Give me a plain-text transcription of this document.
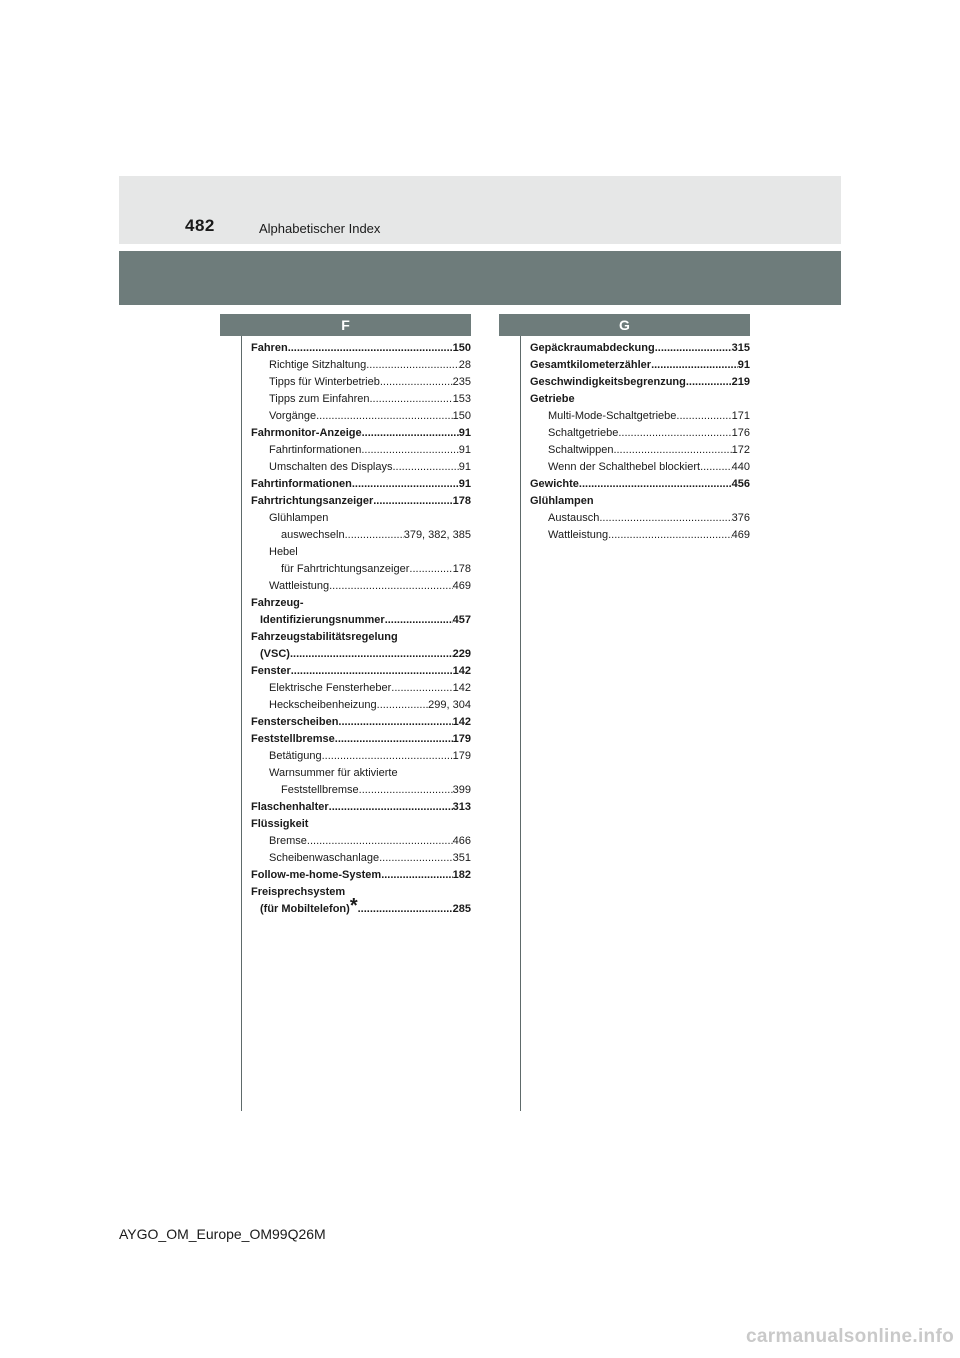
482	Alphabetischer Index
F	G
Fahren .....	150
Richtige Sitzhaltung .....	28
Tipps für Winterbetrieb .....	235
Tipps zum Einfahren .....	153
Vorgänge .....	150
Fahrmonitor-Anzeige .....	91
Fahrtinformationen .....	91
Umschalten des Displays .....	91
Fahrtinformationen .....	91
Fahrtrichtungsanzeiger .....	178
Glühlampen
auswechseln .....	379, 382, 385
Hebel
für Fahrtrichtungsanzeiger .....	178
Wattleistung .....	469
Fahrzeug-
Identifizierungsnummer .....	457
Fahrzeugstabilitätsregelung
(VSC) .....	229
Fenster .....	142
Elektrische Fensterheber .....	142
Heckscheibenheizung .....	299, 304
Fensterscheiben .....	142
Feststellbremse .....	179
Betätigung .....	179
Warnsummer für aktivierte
Feststellbremse .....	399
Flaschenhalter .....	313
Flüssigkeit
Bremse .....	466
Scheibenwaschanlage .....	351
Follow-me-home-System .....	182
Freisprechsystem
(für Mobiltelefon) * .....	285
Gepäckraumabdeckung .....	315
Gesamtkilometerzähler .....	91
Geschwindigkeitsbegrenzung .....	219
Getriebe
Multi-Mode-Schaltgetriebe .....	171
Schaltgetriebe .....	176
Schaltwippen .....	172
Wenn der Schalthebel blockiert .....	440
Gewichte .....	456
Glühlampen
Austausch .....	376
Wattleistung .....	469
AYGO_OM_Europe_OM99Q26M
carmanualsonline.info
